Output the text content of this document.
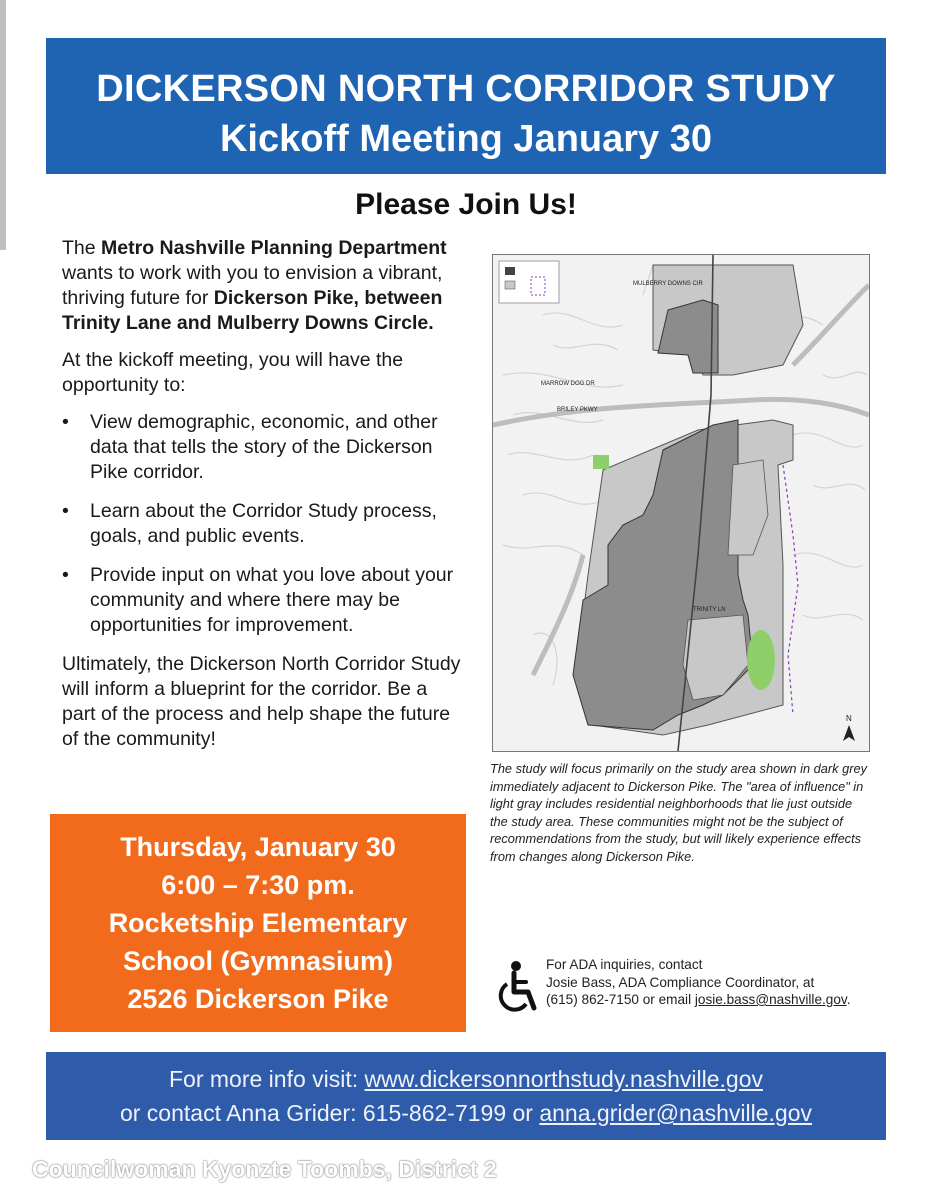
DICKERSON NORTH CORRIDOR STUDY
Kickoff Meeting January 30
Please Join Us!

The Metro Nashville Planning Department wants to work with you to envision a vibrant, thriving future for Dickerson Pike, between Trinity Lane and Mulberry Downs Circle.

At the kickoff meeting, you will have the opportunity to:

• View demographic, economic, and other data that tells the story of the Dickerson Pike corridor.
• Learn about the Corridor Study process, goals, and public events.
• Provide input on what you love about your community and where there may be opportunities for improvement.

Ultimately, the Dickerson North Corridor Study will inform a blueprint for the corridor. Be a part of the process and help shape the future of the community!

MULBERRY DOWNS CIR
MARROW DOG DR
BRILEY PKWY
TRINITY LN
N
The study will focus primarily on the study area shown in dark grey immediately adjacent to Dickerson Pike. The "area of influence" in light gray includes residential neighborhoods that lie just outside the study area. These communities might not be the subject of recommendations from the study, but will likely experience effects from changes along Dickerson Pike.
Thursday, January 30
6:00 – 7:30 pm.
Rocketship Elementary
School (Gymnasium)
2526 Dickerson Pike
For ADA inquiries, contact
Josie Bass, ADA Compliance Coordinator, at
(615) 862-7150 or email josie.bass@nashville.gov.
For more info visit: www.dickersonnorthstudy.nashville.gov
or contact Anna Grider: 615-862-7199 or anna.grider@nashville.gov
Councilwoman Kyonzte Toombs, District 2
